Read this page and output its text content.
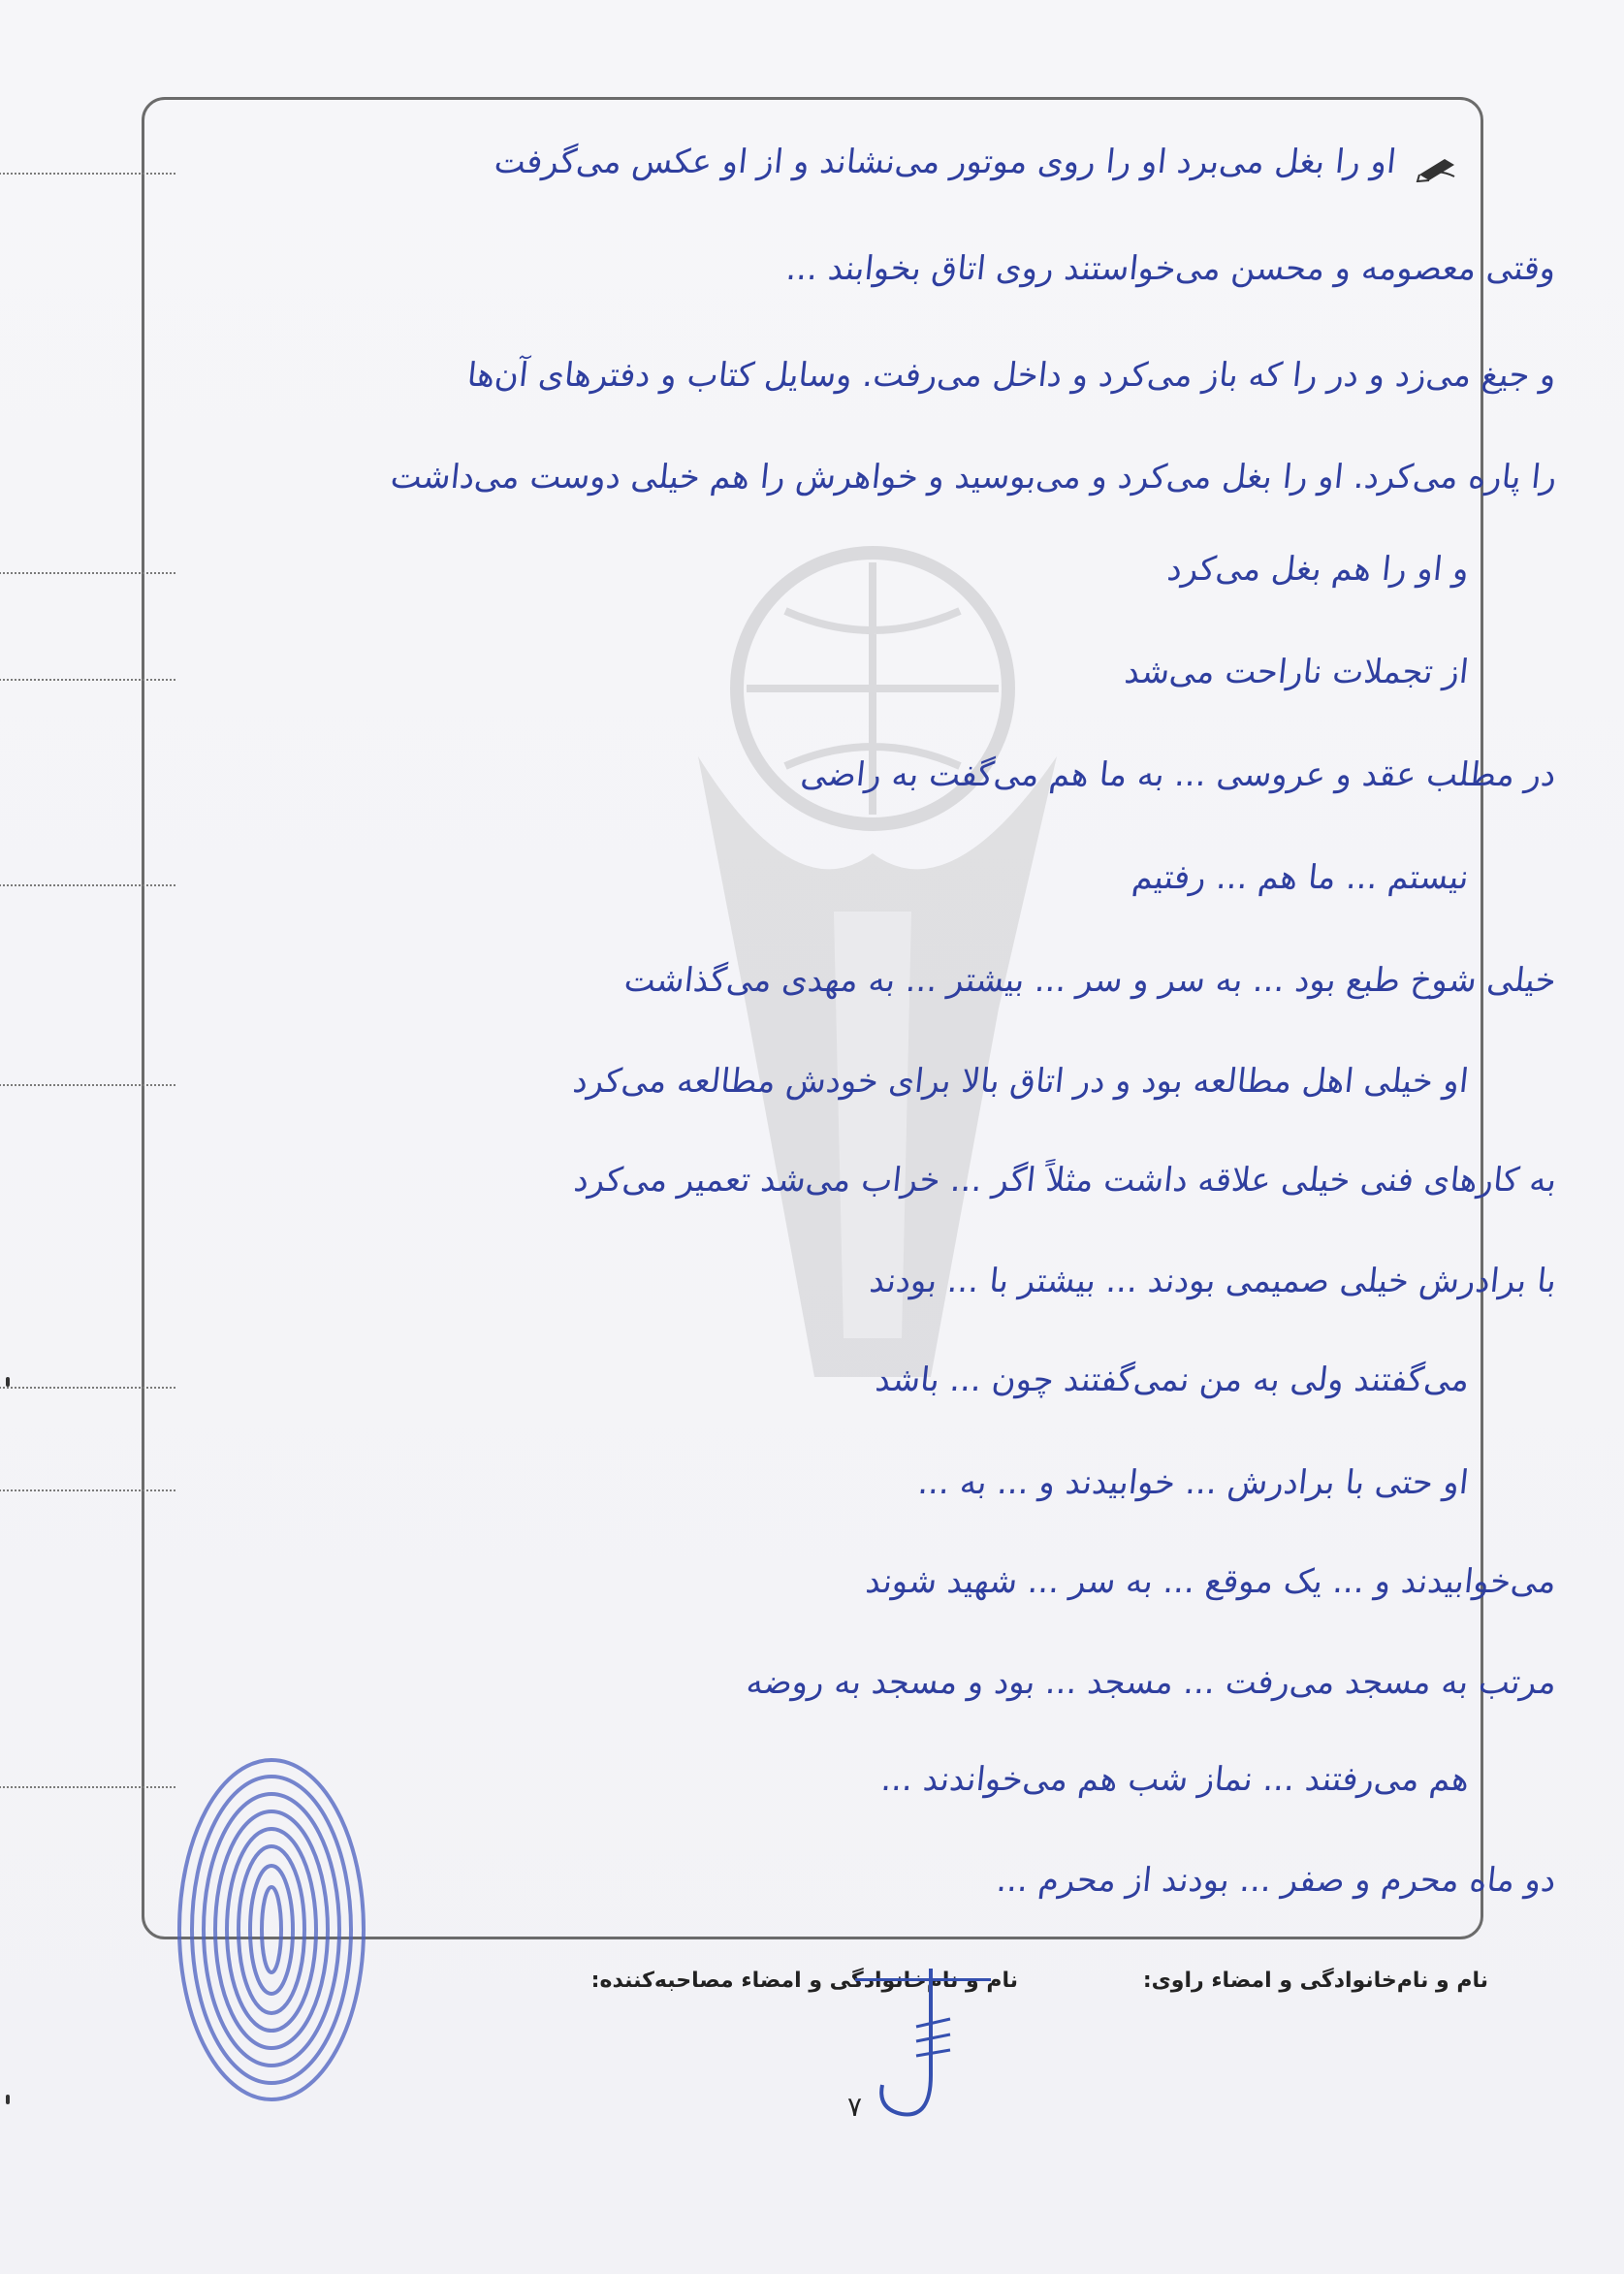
او را بغل می‌برد او را روی موتور می‌نشاند و از او عکس می‌گرفت
وقتی معصومه و محسن می‌خواستند روی اتاق بخوابند ...
و جیغ می‌زد و در را که باز می‌کرد و داخل می‌رفت. وسایل کتاب و دفترهای آن‌ها
را پاره می‌کرد. او را بغل می‌کرد و می‌بوسید و خواهرش را هم خیلی دوست می‌داشت
و او را هم بغل می‌کرد
از تجملات ناراحت می‌شد
در مطلب عقد و عروسی ... به ما هم می‌گفت به راضی
نیستم ... ما هم ... رفتیم
خیلی شوخ طبع بود ... به سر و سر ... بیشتر ... به مهدی می‌گذاشت
او خیلی اهل مطالعه بود و در اتاق بالا برای خودش مطالعه می‌کرد
به کارهای فنی خیلی علاقه داشت مثلاً اگر ... خراب می‌شد تعمیر می‌کرد
با برادرش خیلی صمیمی بودند ... بیشتر با ... بودند
می‌گفتند ولی به من نمی‌گفتند چون ... باشد
او حتی با برادرش ... خوابیدند و ... به ...
می‌خوابیدند و ... یک موقع ... به سر ... شهید شوند
مرتب به مسجد می‌رفت ... مسجد ... بود و مسجد به روضه
هم می‌رفتند ... نماز شب هم می‌خواندند ...
دو ماه محرم و صفر ... بودند از محرم ...
نام و نام‌خانوادگی و امضاء راوی:
نام و نام‌خانوادگی و امضاء مصاحبه‌کننده:
۷
